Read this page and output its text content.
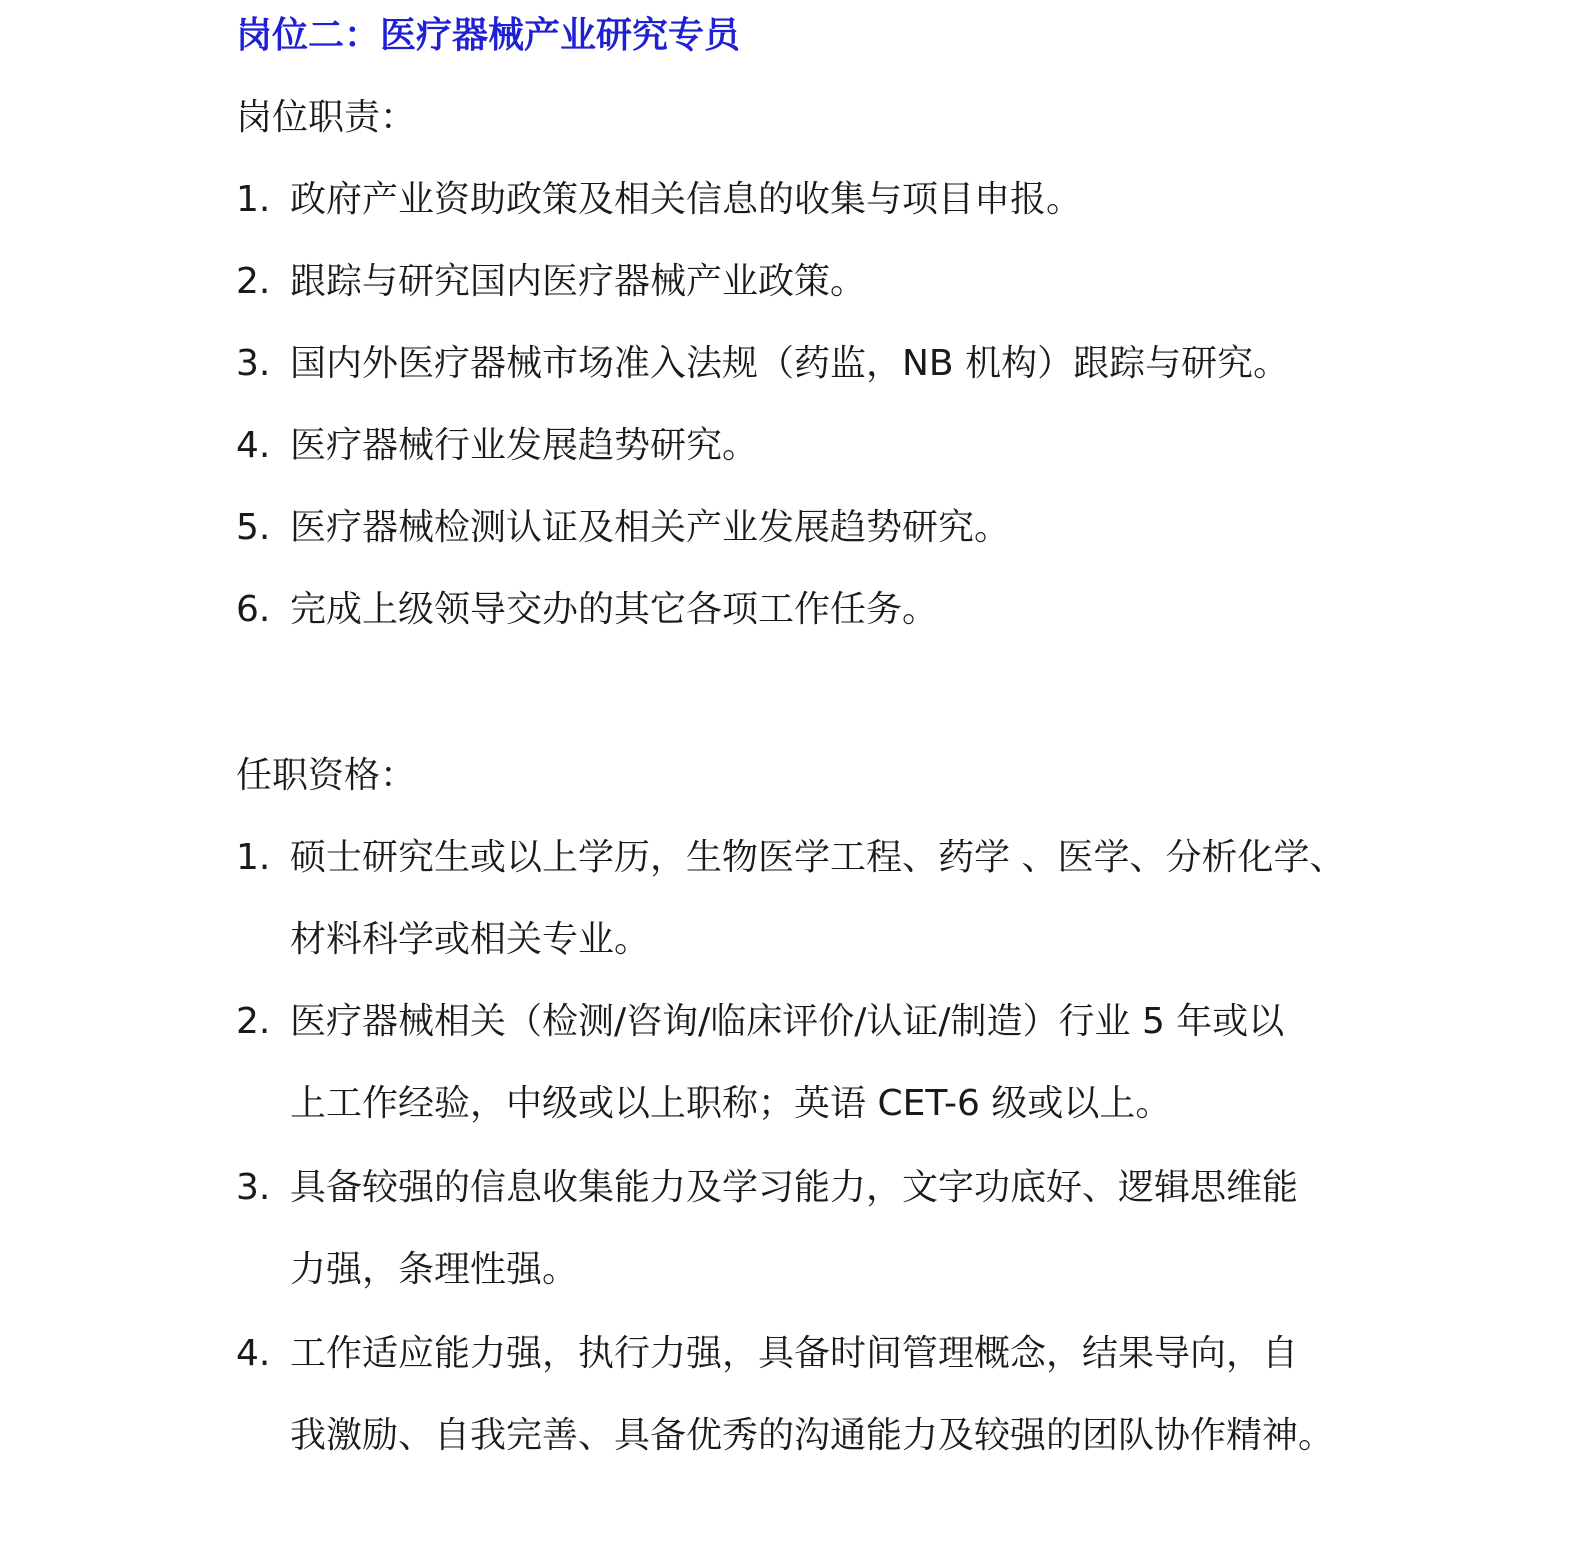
岗位二：医疗器械产业研究专员
岗位职责：
1. 政府产业资助政策及相关信息的收集与项目申报。
2. 跟踪与研究国内医疗器械产业政策。
3. 国内外医疗器械市场准入法规（药监，NB 机构）跟踪与研究。
4. 医疗器械行业发展趋势研究。
5. 医疗器械检测认证及相关产业发展趋势研究。
6. 完成上级领导交办的其它各项工作任务。
任职资格：
1. 硕士研究生或以上学历，生物医学工程、药学 、医学、分析化学、
材料科学或相关专业。
2. 医疗器械相关（检测/咨询/临床评价/认证/制造）行业 5 年或以
上工作经验，中级或以上职称；英语 CET-6 级或以上。
3. 具备较强的信息收集能力及学习能力，文字功底好、逻辑思维能
力强，条理性强。
4. 工作适应能力强，执行力强，具备时间管理概念，结果导向，自
我激励、自我完善、具备优秀的沟通能力及较强的团队协作精神。
